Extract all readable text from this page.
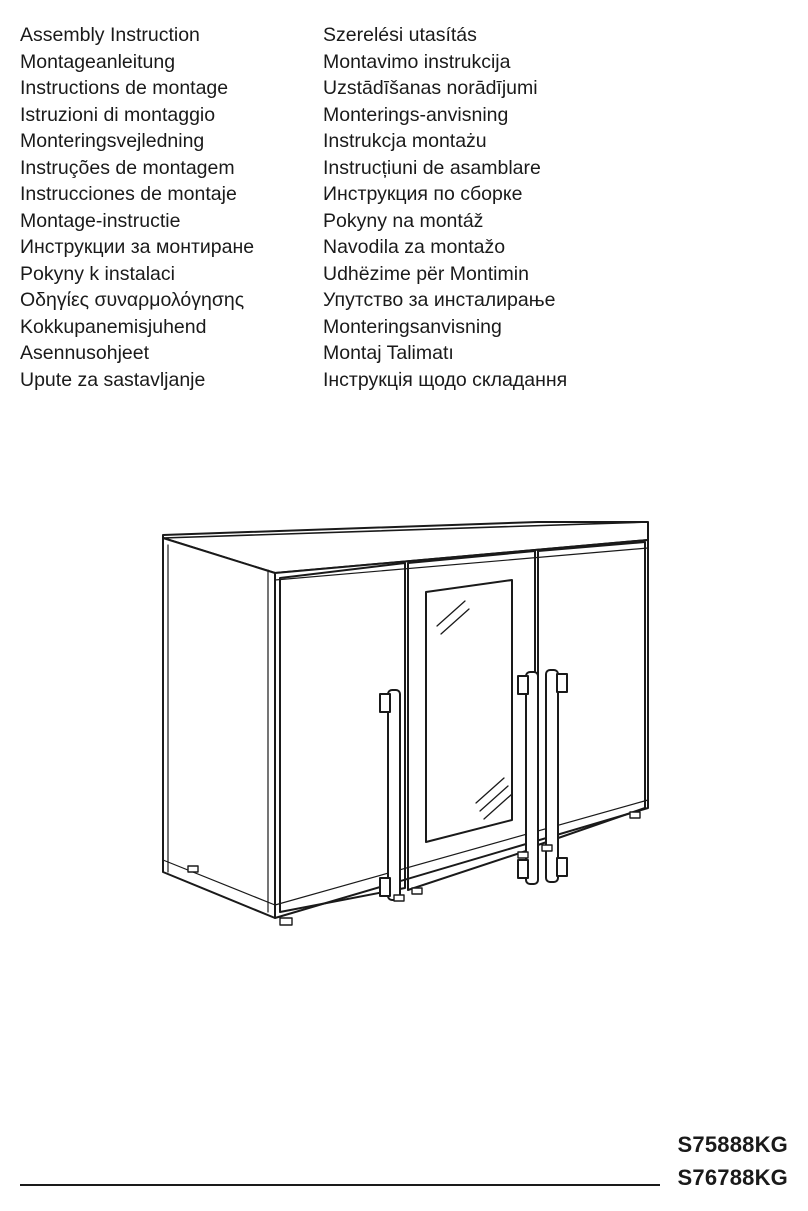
Assembly Instruction
Montageanleitung
Instructions de montage
Istruzioni di montaggio
Monteringsvejledning
Instruções de montagem
Instrucciones de montaje
Montage-instructie
Инструкции за монтиране
Pokyny k instalaci
Οδηγίες συναρμολόγησης
Kokkupanemisjuhend
Asennusohjeet
Upute za sastavljanje
Szerelési utasítás
Montavimo instrukcija
Uzstādīšanas norādījumi
Monterings-anvisning
Instrukcja montażu
Instrucțiuni de asamblare
Инструкция по сборке
Pokyny na montáž
Navodila za montažo
Udhëzime për Montimin
Упутство за инсталирање
Monteringsanvisning
Montaj Talimatı
Інструкція щодо складання
S75888KG
S76788KG
